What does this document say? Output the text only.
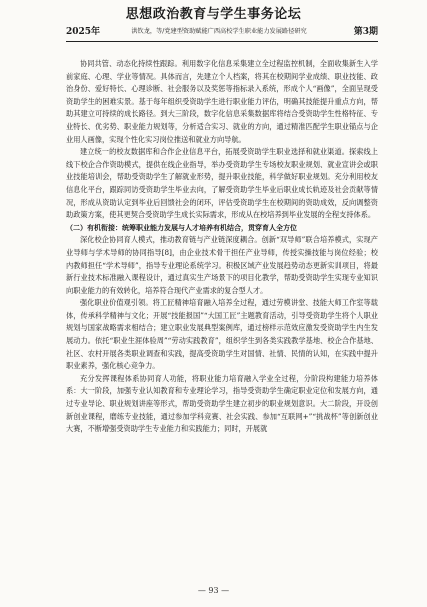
思想政治教育与学生事务论坛
2025年	洪钦龙，等/党建型资助赋能广西高校学生职业能力发展路径研究	第3期

协同共管、动态化持续性跟踪。利用数字化信息采集建立全过程监控机制，全面收集新生入学前家庭、心理、学业等情况。具体而言，先建立个人档案，将其在校期间学业成绩、职业技能、政治身份、爱好特长、心理诊断、社会服务以及奖惩等指标录入系统，形成个人“画像”，全面呈现受资助学生的困难实景。基于每年组织受资助学生进行职业能力评估，明确其技能提升重点方向，帮助其建立可持续的成长路径。到大三阶段，数字化信息采集数据库将结合受资助学生性格特征、专业特长、优劣势、职业能力规划等，分析适合实习、就业的方向，通过精准匹配学生职业锚点与企业用人画像，实现个性化实习岗位推送和就业方向导航。

建立统一的校友数据库和合作企业信息平台，拓展受资助学生职业选择和就业渠道。探索线上线下校企合作资助模式，提供在线企业指导，举办受资助学生专场校友职业规划、就业宣讲会或职业技能培训会，帮助受资助学生了解就业形势，提升职业技能，科学做好职业规划。充分利用校友信息化平台，跟踪同访受资助学生毕业去向，了解受资助学生毕业后职业成长轨迹及社会贡献等情况，形成从资助认定到毕业后回馈社会的闭环，评估受资助学生在校期间的资助成效，反向调整资助政策方案，使其更契合受资助学生成长实际需求，形成从在校培养到毕业发展的全程支持体系。

（二）有机衔接：统筹职业能力发展与人才培养有机结合，贯穿育人全方位

深化校企协同育人模式，推动教育链与产业链深度耦合。创新“双导师”联合培养模式，实现产业导师与学术导师的协同指导[8]，由企业技术骨干担任产业导师，传授实操技能与岗位经验；校内教师担任“学术导师”，指导专业理论系统学习。积极区域产业发展趋势动态更新实训项目，将最新行业技术标准融入课程设计，通过真实生产场景下的项目化教学，帮助受资助学生实现专业知识向职业能力的有效转化，培养符合现代产业需求的复合型人才。

强化职业价值观引领。将工匠精神培育融入培养全过程，通过劳模讲堂、技能大师工作室等载体，传承科学精神与文化；开展“技能报国”“大国工匠”主题教育活动，引导受资助学生将个人职业规划与国家战略需求相结合；建立职业发展典型案例库，通过榜样示范效应激发受资助学生内生发展动力。依托“职业生涯体验周”“劳动实践教育”，组织学生到各类实践教学基地、校企合作基地、社区、农村开展各类职业调查和实践，提高受资助学生对国情、社情、民情的认知，在实践中提升职业素养，强化核心竞争力。

充分发挥课程体系协同育人功能，将职业能力培育融入学业全过程，分阶段构建能力培养体系：大一阶段，加强专业认知教育和专业理论学习，指导受资助学生确定职业定位和发展方向，通过专业导论、职业规划讲座等形式，帮助受资助学生建立初步的职业规划意识。大二阶段，开设创新创业课程，磨练专业技能，通过参加学科竞赛、社会实践、参加“互联网+”“挑战杯”等创新创业大赛，不断增强受资助学生专业能力和实践能力；同时，开展就

— 93 —
